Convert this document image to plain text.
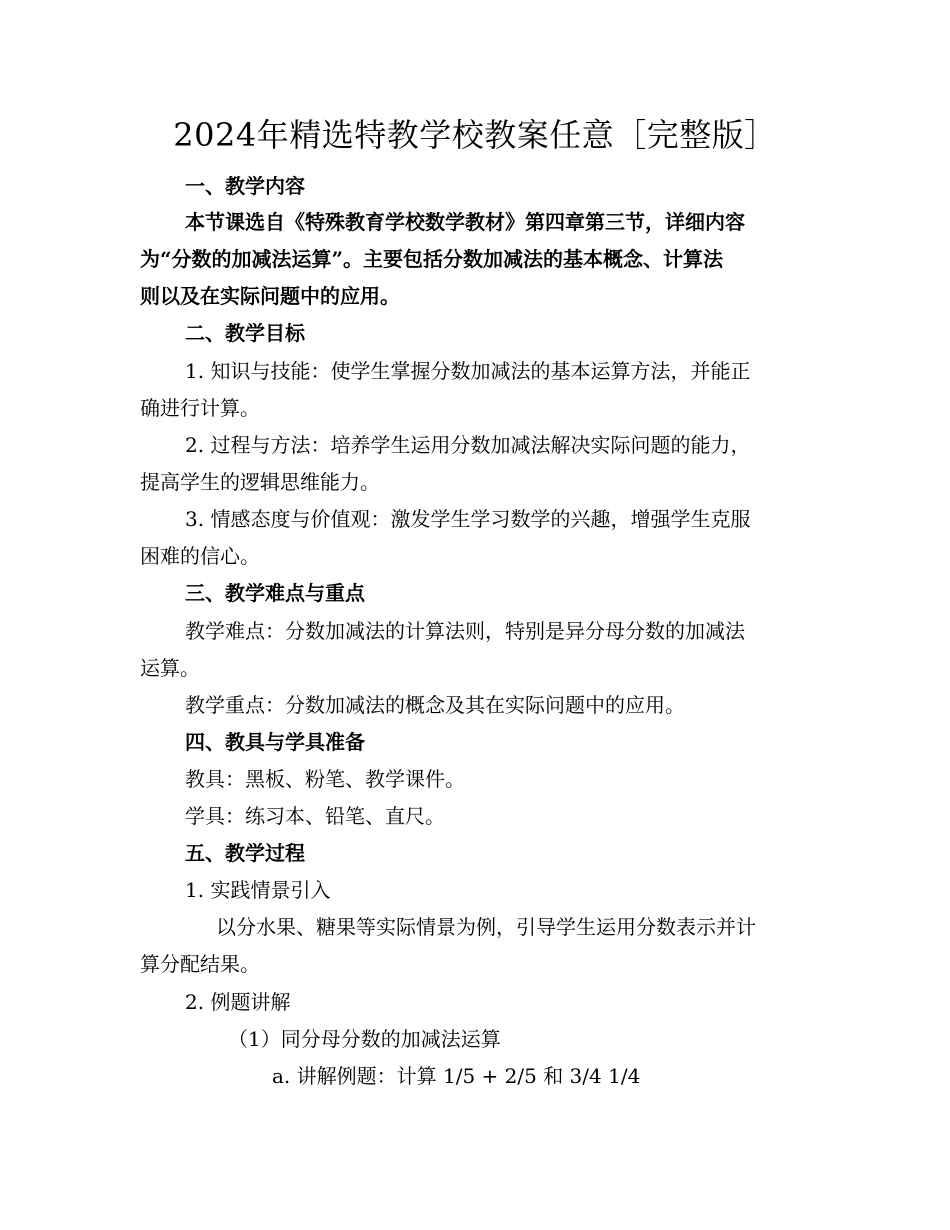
2024年精选特教学校教案任意［完整版］
一、教学内容
本节课选自《特殊教育学校数学教材》第四章第三节，详细内容
为“分数的加减法运算”。主要包括分数加减法的基本概念、计算法
则以及在实际问题中的应用。
二、教学目标
1. 知识与技能：使学生掌握分数加减法的基本运算方法，并能正
确进行计算。
2. 过程与方法：培养学生运用分数加减法解决实际问题的能力，
提高学生的逻辑思维能力。
3. 情感态度与价值观：激发学生学习数学的兴趣，增强学生克服
困难的信心。
三、教学难点与重点
教学难点：分数加减法的计算法则，特别是异分母分数的加减法
运算。
教学重点：分数加减法的概念及其在实际问题中的应用。
四、教具与学具准备
教具：黑板、粉笔、教学课件。
学具：练习本、铅笔、直尺。
五、教学过程
1. 实践情景引入
以分水果、糖果等实际情景为例，引导学生运用分数表示并计
算分配结果。
2. 例题讲解
（1）同分母分数的加减法运算
a. 讲解例题：计算 1/5 + 2/5 和 3/4 1/4
